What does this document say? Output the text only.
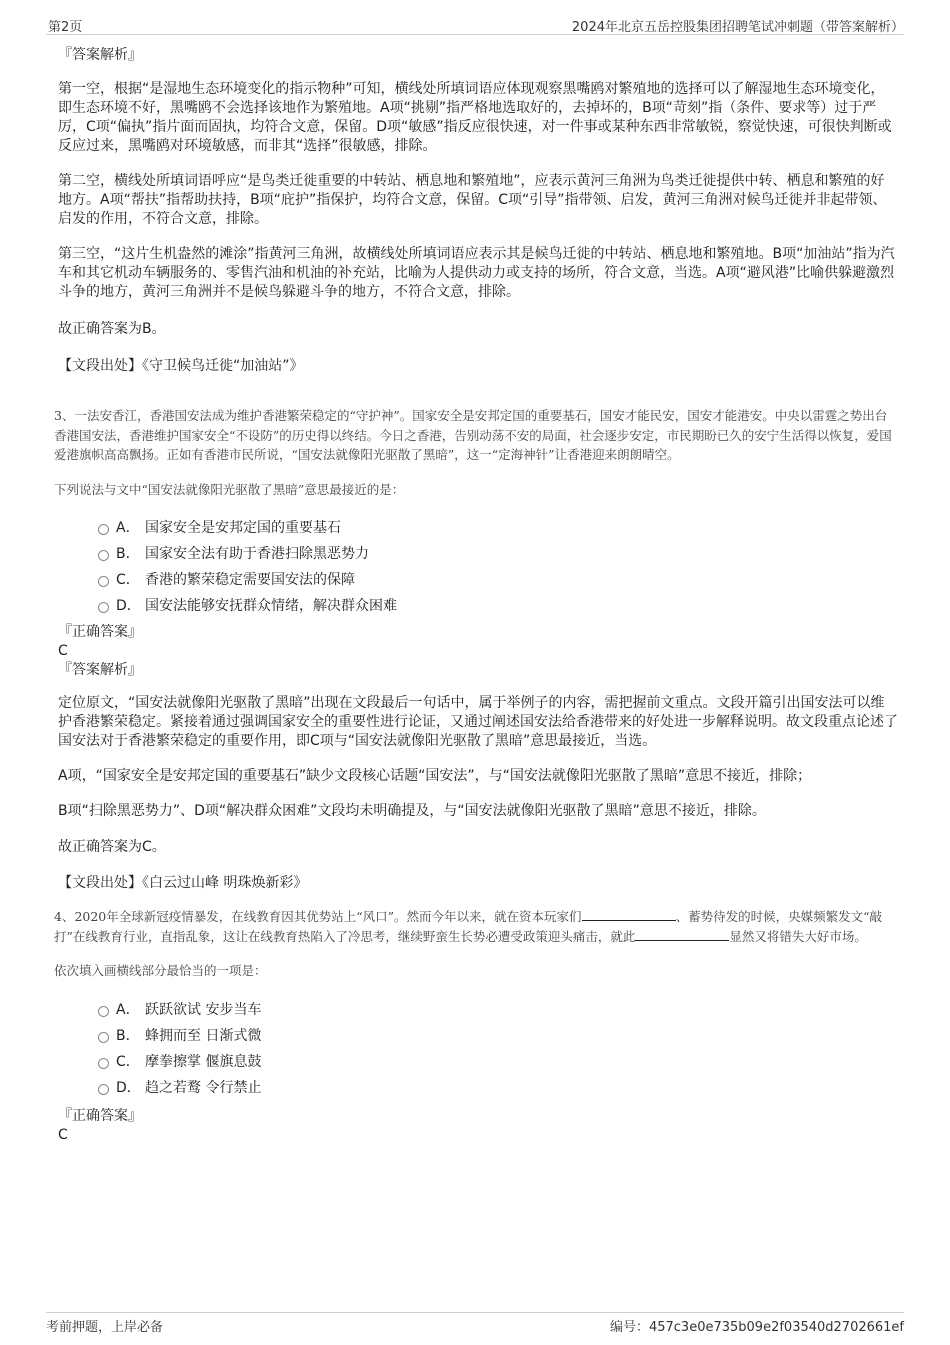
第2页	2024年北京五岳控股集团招聘笔试冲刺题（带答案解析）

『答案解析』

第一空，根据“是湿地生态环境变化的指示物种”可知，横线处所填词语应体现观察黑嘴鸥对繁殖地的选择可以了解湿地生态环境变化，即生态环境不好，黑嘴鸥不会选择该地作为繁殖地。A项“挑剔”指严格地选取好的，去掉坏的，B项“苛刻”指（条件、要求等）过于严厉，C项“偏执”指片面而固执，均符合文意，保留。D项“敏感”指反应很快速，对一件事或某种东西非常敏锐，察觉快速，可很快判断或反应过来，黑嘴鸥对环境敏感，而非其“选择”很敏感，排除。

第二空，横线处所填词语呼应“是鸟类迁徙重要的中转站、栖息地和繁殖地”，应表示黄河三角洲为鸟类迁徙提供中转、栖息和繁殖的好地方。A项“帮扶”指帮助扶持，B项“庇护”指保护，均符合文意，保留。C项“引导”指带领、启发，黄河三角洲对候鸟迁徙并非起带领、启发的作用，不符合文意，排除。

第三空，“这片生机盎然的滩涂”指黄河三角洲，故横线处所填词语应表示其是候鸟迁徙的中转站、栖息地和繁殖地。B项“加油站”指为汽车和其它机动车辆服务的、零售汽油和机油的补充站，比喻为人提供动力或支持的场所，符合文意，当选。A项“避风港”比喻供躲避激烈斗争的地方，黄河三角洲并不是候鸟躲避斗争的地方，不符合文意，排除。

故正确答案为B。

【文段出处】《守卫候鸟迁徙“加油站”》

3、一法安香江，香港国安法成为维护香港繁荣稳定的“守护神”。国家安全是安邦定国的重要基石，国安才能民安，国安才能港安。中央以雷霆之势出台香港国安法，香港维护国家安全“不设防”的历史得以终结。今日之香港，告别动荡不安的局面，社会逐步安定，市民期盼已久的安宁生活得以恢复，爱国爱港旗帜高高飘扬。正如有香港市民所说，“国安法就像阳光驱散了黑暗”，这一“定海神针”让香港迎来朗朗晴空。

下列说法与文中“国安法就像阳光驱散了黑暗”意思最接近的是：

A． 国家安全是安邦定国的重要基石
B． 国家安全法有助于香港扫除黑恶势力
C． 香港的繁荣稳定需要国安法的保障
D． 国安法能够安抚群众情绪，解决群众困难

『正确答案』

C

『答案解析』

定位原文，“国安法就像阳光驱散了黑暗”出现在文段最后一句话中，属于举例子的内容，需把握前文重点。文段开篇引出国安法可以维护香港繁荣稳定。紧接着通过强调国家安全的重要性进行论证，又通过阐述国安法给香港带来的好处进一步解释说明。故文段重点论述了国安法对于香港繁荣稳定的重要作用，即C项与“国安法就像阳光驱散了黑暗”意思最接近，当选。

A项，“国家安全是安邦定国的重要基石”缺少文段核心话题“国安法”，与“国安法就像阳光驱散了黑暗”意思不接近，排除；

B项“扫除黑恶势力”、D项“解决群众困难”文段均未明确提及，与“国安法就像阳光驱散了黑暗”意思不接近，排除。

故正确答案为C。

【文段出处】《白云过山峰 明珠焕新彩》

4、2020年全球新冠疫情暴发，在线教育因其优势站上“风口”。然而今年以来，就在资本玩家们	、蓄势待发的时候，央媒频繁发文“敲打”在线教育行业，直指乱象，这让在线教育热陷入了冷思考，继续野蛮生长势必遭受政策迎头痛击，就此	显然又将错失大好市场。

依次填入画横线部分最恰当的一项是：

A． 跃跃欲试 安步当车
B． 蜂拥而至 日渐式微
C． 摩拳擦掌 偃旗息鼓
D． 趋之若鹜 令行禁止

『正确答案』

C

考前押题，上岸必备	编号：457c3e0e735b09e2f03540d2702661ef
